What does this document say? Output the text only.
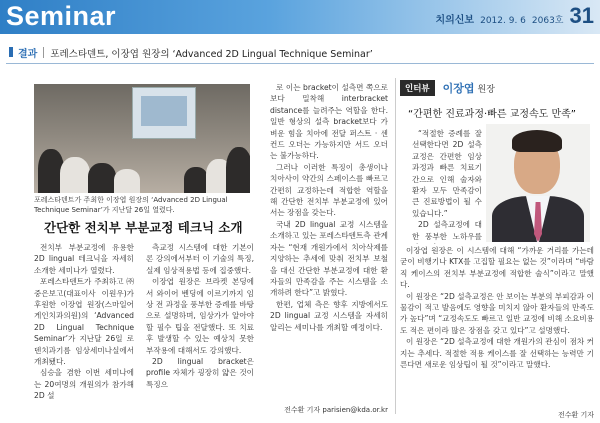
Seminar	치의신보 2012. 9. 6 2063호 31
결과	포레스타덴트, 이장엽 원장의 ‘Advanced 2D Lingual Technique Seminar’
포레스타덴트가 주최한 이장엽 원장의 ‘Advanced 2D Lingual Technique Seminar’가 지난달 26일 열렸다.
간단한 전치부 부분교정 테크닉 소개

전치부 부분교정에 유용한 2D lingual 테크닉을 자세히 소개한 세미나가 열렸다.

포레스타덴트가 주최하고 ㈜중은보고(대표이사 이원우)가 후원한 이장엽 원장(스마일어게인치과의원)의 ‘Advanced 2D Lingual Technique Seminar’가 지난달 26일 로덴치과기름 임상세미나실에서 개최됐다.

심승을 겸한 이번 세미나에는 20여명의 개원의가 참가해 2D 설

측교정 시스템에 대한 기본이론 강의에서부터 이 기술의 특징, 실제 임상적용법 등에 집중했다.

이장엽 원장은 브라켓 본딩에서 와이어 벤딩에 이르기까지 임상 전 과정을 풍부한 증례를 바탕으로 설명하며, 임상가가 알아야 할 필수 팁을 전달했다. 또 치료 후 발생할 수 있는 예상치 못한 부작용에 대해서도 강의했다.

2D lingual bracket은 profile 자체가 굉장히 얇은 것이 특징으

로 이는 bracket이 설측면 쪽으로 보다 밀착해 interbracket distance를 늘려주는 역할을 한다. 일반 형상의 설측 bracket보다 가벼운 힘을 치아에 전달 퍼스트 · 센컨드 오더는 가능하지만 서드 오더는 불가능하다.

그러나 이러한 특징이 총생이나 치아사이 약간의 스페이스를 빠르고 간편히 교정하는데 적합한 역할을 해 간단한 전치부 부분교정에 있어서는 장점을 갖는다.

국내 2D lingual 교정 시스템을 소개하고 있는 포레스타덴트측 관계자는 “현재 개원가에서 치아삭제를 지양하는 추세에 맞춰 전치부 보철을 대신 간단한 부분교정에 대한 환자들의 만족감을 주는 시스템을 소개하려 한다”고 밝혔다.

한편, 업체 측은 향후 지방에서도 2D lingual 교정 시스템을 자세히 알리는 세미나를 개최할 예정이다.

전수환 기자 parisien@kda.or.kr
인터뷰	이장엽 원장
“간편한 진료과정·빠른 교정속도 만족”

“적절한 증례를 잘 선택한다면 2D 설측교정은 간편한 임상과정과 빠른 치료기간으로 인해 술자와 환자 모두 만족감이 큰 진료방법이 될 수 있습니다.”

2D 설측교정에 대한 풍부한 노하우를

이장엽 원장은 이 시스템에 대해 “가까운 거리를 가는데 굳이 비행기나 KTX를 고집할 필요는 없는 것”이라며 “바람직 케이스의 전치부 부분교정에 적합한 술식”이라고 말했다.

이 원장은 “2D 설측교정은 안 보이는 부분의 부피감과 이물감이 적고 발음에도 영향을 미치지 않아 환자들의 만족도가 높다”며 “교정속도도 빠르고 일반 교정에 비해 소요비용도 적은 편이라 많은 장점을 갖고 있다”고 설명했다.

이 원장은 “2D 설측교정에 대한 개원가의 관심이 점차 커지는 추세다. 적절한 적용 케이스를 잘 선택하는 능력만 기른다면 새로운 임상팁이 될 것”이라고 말했다.

전수환 기자
